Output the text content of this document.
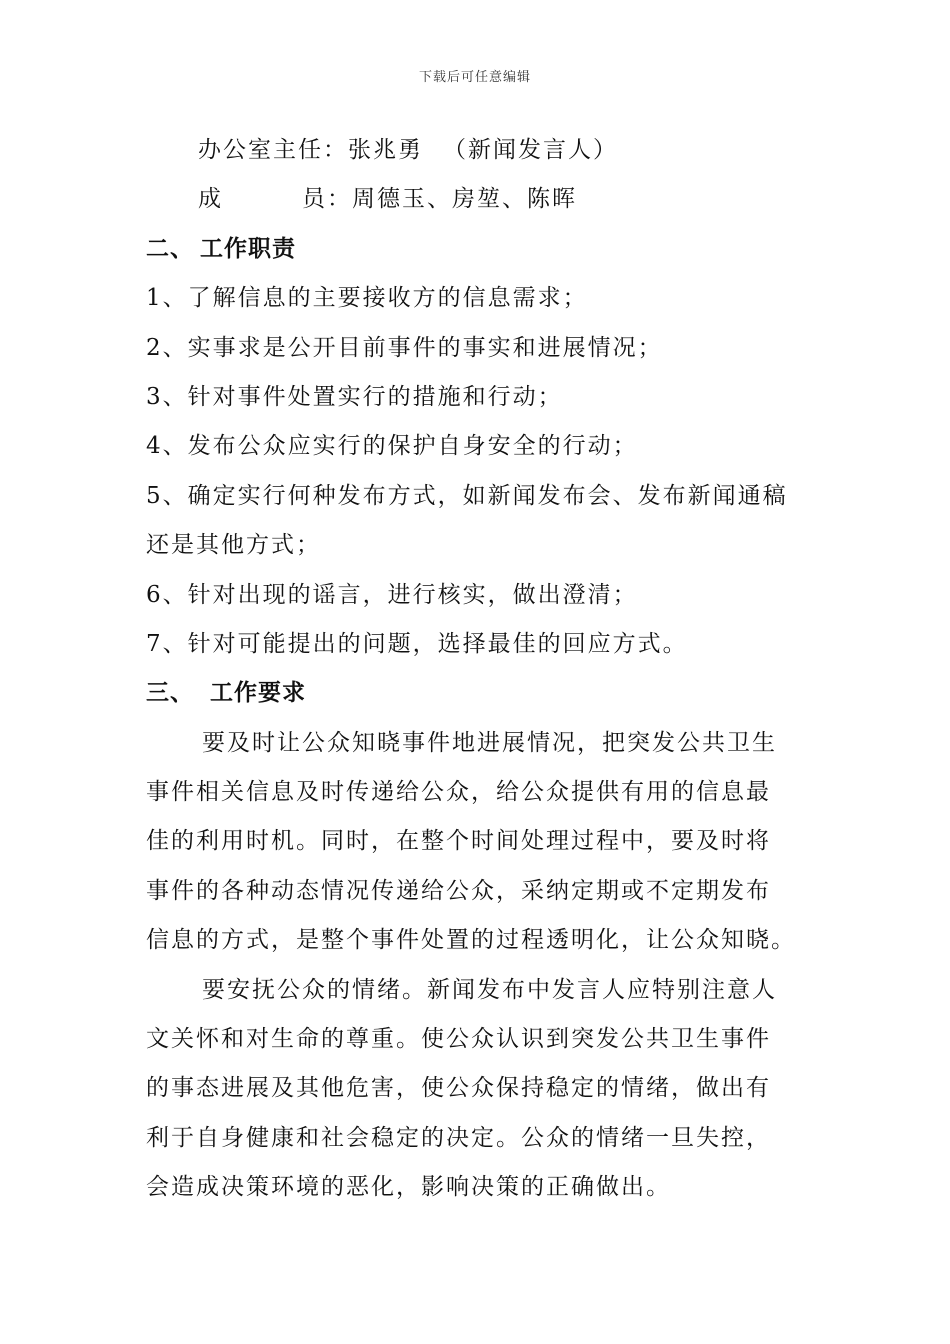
下载后可任意编辑
办公室主任：张兆勇 （新闻发言人）
成	员：周德玉、房堃、陈晖
二、 工作职责
1、了解信息的主要接收方的信息需求；
2、实事求是公开目前事件的事实和进展情况；
3、针对事件处置实行的措施和行动；
4、发布公众应实行的保护自身安全的行动；
5、确定实行何种发布方式，如新闻发布会、发布新闻通稿
还是其他方式；
6、针对出现的谣言，进行核实，做出澄清；
7、针对可能提出的问题，选择最佳的回应方式。
三、 工作要求
要及时让公众知晓事件地进展情况，把突发公共卫生
事件相关信息及时传递给公众，给公众提供有用的信息最
佳的利用时机。同时，在整个时间处理过程中，要及时将
事件的各种动态情况传递给公众，采纳定期或不定期发布
信息的方式，是整个事件处置的过程透明化，让公众知晓。
要安抚公众的情绪。新闻发布中发言人应特别注意人
文关怀和对生命的尊重。使公众认识到突发公共卫生事件
的事态进展及其他危害，使公众保持稳定的情绪，做出有
利于自身健康和社会稳定的决定。公众的情绪一旦失控，
会造成决策环境的恶化，影响决策的正确做出。
